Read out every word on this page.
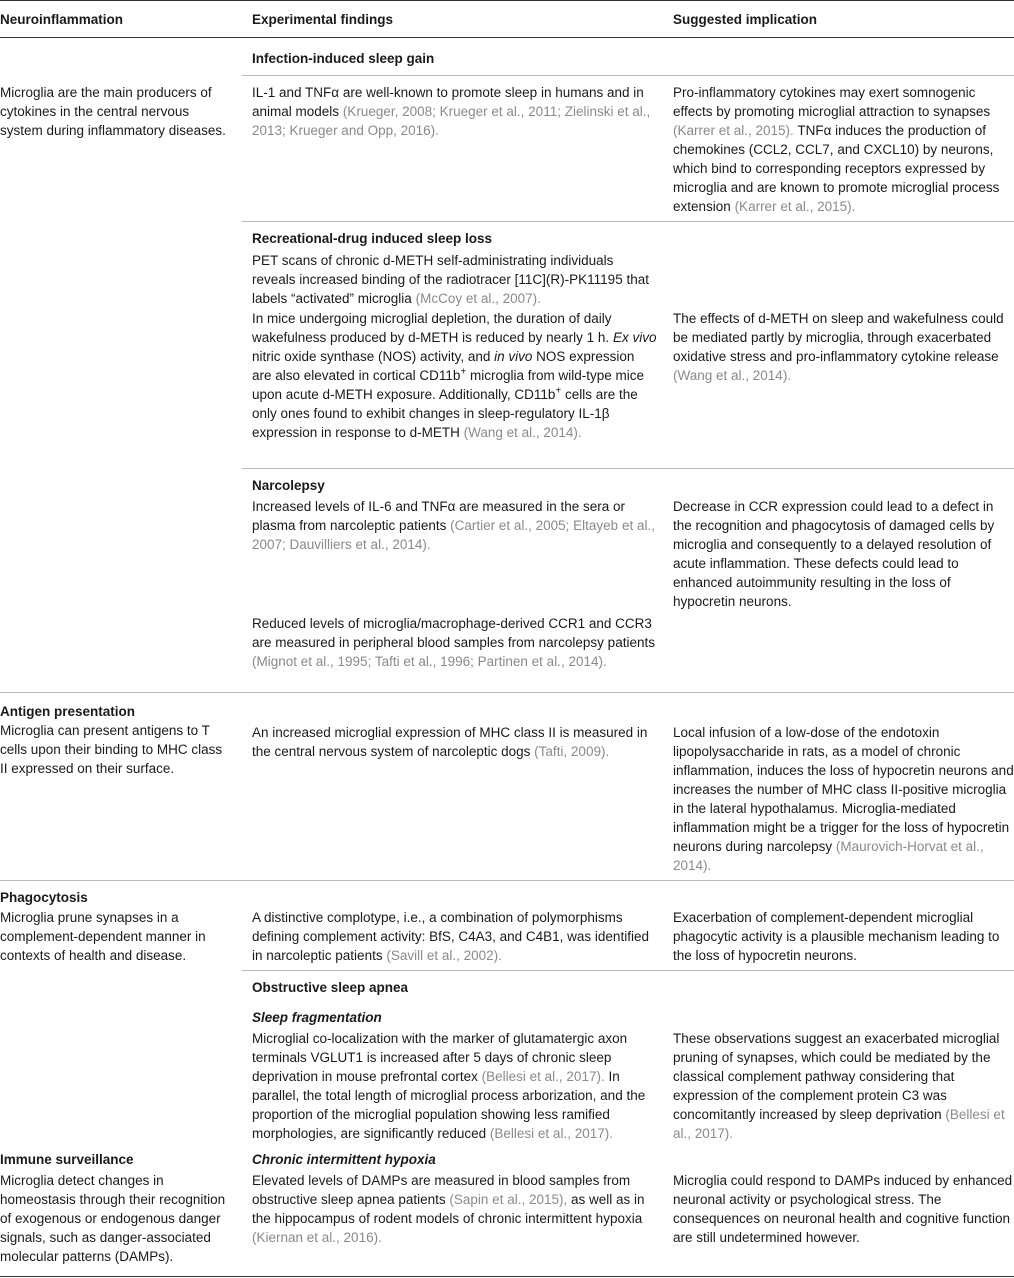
Neuroinflammation	Experimental findings	Suggested implication
Infection-induced sleep gain

Microglia are the main producers of cytokines in the central nervous system during inflammatory diseases.

IL-1 and TNFα are well-known to promote sleep in humans and in animal models (Krueger, 2008; Krueger et al., 2011; Zielinski et al., 2013; Krueger and Opp, 2016).

Pro-inflammatory cytokines may exert somnogenic effects by promoting microglial attraction to synapses (Karrer et al., 2015). TNFα induces the production of chemokines (CCL2, CCL7, and CXCL10) by neurons, which bind to corresponding receptors expressed by microglia and are known to promote microglial process extension (Karrer et al., 2015).

Recreational-drug induced sleep loss

PET scans of chronic d-METH self-administrating individuals reveals increased binding of the radiotracer [11C](R)-PK11195 that labels “activated” microglia (McCoy et al., 2007).

In mice undergoing microglial depletion, the duration of daily wakefulness produced by d-METH is reduced by nearly 1 h. Ex vivo nitric oxide synthase (NOS) activity, and in vivo NOS expression are also elevated in cortical CD11b+ microglia from wild-type mice upon acute d-METH exposure. Additionally, CD11b+ cells are the only ones found to exhibit changes in sleep-regulatory IL-1β expression in response to d-METH (Wang et al., 2014).

The effects of d-METH on sleep and wakefulness could be mediated partly by microglia, through exacerbated oxidative stress and pro-inflammatory cytokine release (Wang et al., 2014).

Narcolepsy

Increased levels of IL-6 and TNFα are measured in the sera or plasma from narcoleptic patients (Cartier et al., 2005; Eltayeb et al., 2007; Dauvilliers et al., 2014).

Reduced levels of microglia/macrophage-derived CCR1 and CCR3 are measured in peripheral blood samples from narcolepsy patients (Mignot et al., 1995; Tafti et al., 1996; Partinen et al., 2014).

Decrease in CCR expression could lead to a defect in the recognition and phagocytosis of damaged cells by microglia and consequently to a delayed resolution of acute inflammation. These defects could lead to enhanced autoimmunity resulting in the loss of hypocretin neurons.

Antigen presentation

Microglia can present antigens to T cells upon their binding to MHC class II expressed on their surface.

An increased microglial expression of MHC class II is measured in the central nervous system of narcoleptic dogs (Tafti, 2009).

Local infusion of a low-dose of the endotoxin lipopolysaccharide in rats, as a model of chronic inflammation, induces the loss of hypocretin neurons and increases the number of MHC class II-positive microglia in the lateral hypothalamus. Microglia-mediated inflammation might be a trigger for the loss of hypocretin neurons during narcolepsy (Maurovich-Horvat et al., 2014).

Phagocytosis

Microglia prune synapses in a complement-dependent manner in contexts of health and disease.

A distinctive complotype, i.e., a combination of polymorphisms defining complement activity: BfS, C4A3, and C4B1, was identified in narcoleptic patients (Savill et al., 2002).

Exacerbation of complement-dependent microglial phagocytic activity is a plausible mechanism leading to the loss of hypocretin neurons.

Obstructive sleep apnea
Sleep fragmentation

Microglial co-localization with the marker of glutamatergic axon terminals VGLUT1 is increased after 5 days of chronic sleep deprivation in mouse prefrontal cortex (Bellesi et al., 2017). In parallel, the total length of microglial process arborization, and the proportion of the microglial population showing less ramified morphologies, are significantly reduced (Bellesi et al., 2017).

These observations suggest an exacerbated microglial pruning of synapses, which could be mediated by the classical complement pathway considering that expression of the complement protein C3 was concomitantly increased by sleep deprivation (Bellesi et al., 2017).

Chronic intermittent hypoxia

Elevated levels of DAMPs are measured in blood samples from obstructive sleep apnea patients (Sapin et al., 2015), as well as in the hippocampus of rodent models of chronic intermittent hypoxia (Kiernan et al., 2016).

Microglia could respond to DAMPs induced by enhanced neuronal activity or psychological stress. The consequences on neuronal health and cognitive function are still undetermined however.

Immune surveillance

Microglia detect changes in homeostasis through their recognition of exogenous or endogenous danger signals, such as danger-associated molecular patterns (DAMPs).
